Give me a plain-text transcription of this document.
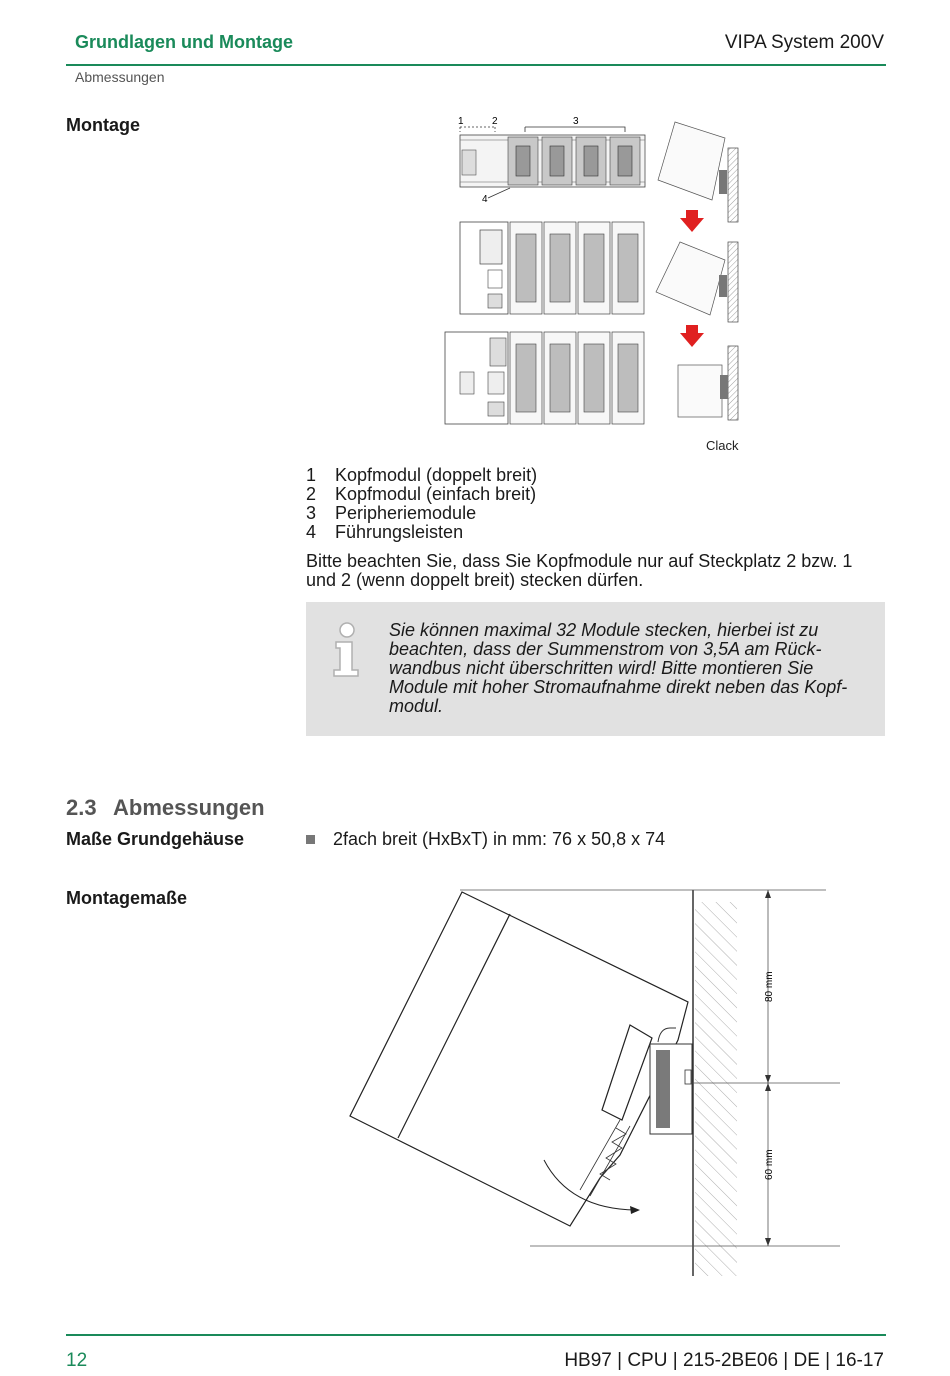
Grundlagen und Montage	VIPA System 200V
Abmessungen
Montage	1	2	3
4
Clack
1	Kopfmodul (doppelt breit)
2	Kopfmodul (einfach breit)
3	Peripheriemodule
4	Führungsleisten
Bitte beachten Sie, dass Sie Kopfmodule nur auf Steckplatz 2 bzw. 1 und 2 (wenn doppelt breit) stecken dürfen.
Sie können maximal 32 Module stecken, hierbei ist zu
beachten, dass der Summenstrom von 3,5A am Rück-
wandbus nicht überschritten wird! Bitte montieren Sie
Module mit hoher Stromaufnahme direkt neben das Kopf-
modul.
2.3 Abmessungen
Maße Grundgehäuse	2fach breit (HxBxT) in mm: 76 x 50,8 x 74
Montagemaße
80 mm
60 mm
12	HB97 | CPU | 215-2BE06 | DE | 16-17
